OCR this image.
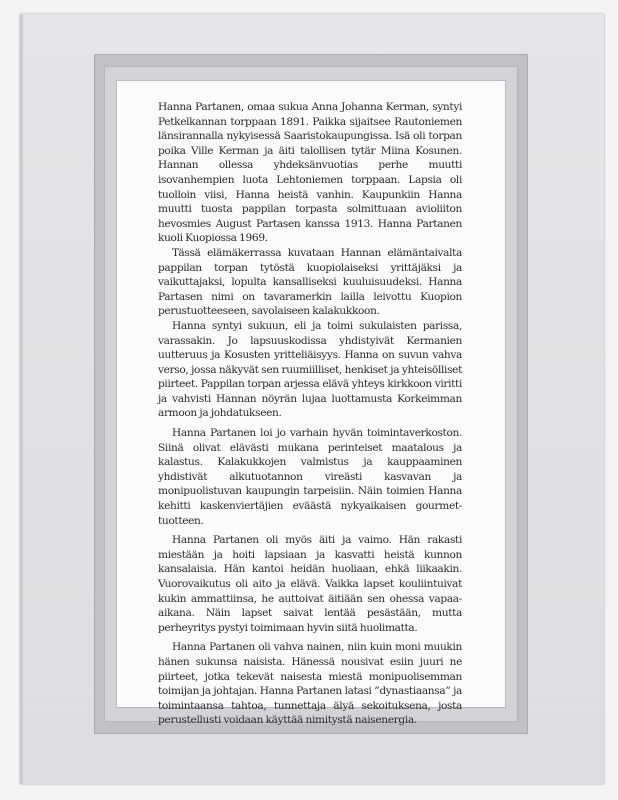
Hanna Partanen, omaa sukua Anna Johanna Kerman, syntyi Petkelkannan torppaan 1891. Paikka sijaitsee Rautoniemen länsirannalla nykyisessä Saaristokaupungissa. Isä oli torpan poika Ville Kerman ja äiti talollisen tytär Miina Kosunen. Hannan ollessa yhdeksänvuotias perhe muutti isovanhempien luota Lehtoniemen torppaan. Lapsia oli tuolloin viisi, Hanna heistä vanhin. Kaupunkiin Hanna muutti tuosta pappilan torpasta solmittuaan avioliiton hevosmies August Partasen kanssa 1913. Hanna Partanen kuoli Kuopiossa 1969.

Tässä elämäkerrassa kuvataan Hannan elämäntaivalta pappilan torpan tytöstä kuopiolaiseksi yrittäjäksi ja vaikuttajaksi, lopulta kansalliseksi kuuluisuudeksi. Hanna Partasen nimi on tavaramerkin lailla leivottu Kuopion perustuotteeseen, savolaiseen kalakukkoon.

Hanna syntyi sukuun, eli ja toimi sukulaisten parissa, varassakin. Jo lapsuuskodissa yhdistyivät Kermanien uutteruus ja Kosusten yritteliäisyys. Hanna on suvun vahva verso, jossa näkyvät sen ruumiilliset, henkiset ja yhteisölliset piirteet. Pappilan torpan arjessa elävä yhteys kirkkoon viritti ja vahvisti Hannan nöyrän lujaa luottamusta Korkeimman armoon ja johdatukseen.

Hanna Partanen loi jo varhain hyvän toimintaverkoston. Siinä olivat elävästi mukana perinteiset maatalous ja kalastus. Kalakukkojen valmistus ja kauppaaminen yhdistivät alkutuotannon vireästi kasvavan ja monipuolistuvan kaupungin tarpeisiin. Näin toimien Hanna kehitti kaskenviertäjien eväästä nykyaikaisen gourmet-tuotteen.

Hanna Partanen oli myös äiti ja vaimo. Hän rakasti miestään ja hoiti lapsiaan ja kasvatti heistä kunnon kansalaisia. Hän kantoi heidän huoliaan, ehkä liikaakin. Vuorovaikutus oli aito ja elävä. Vaikka lapset kouliintuivat kukin ammattiinsa, he auttoivat äitiään sen ohessa vapaa-aikana. Näin lapset saivat lentää pesästään, mutta perheyritys pystyi toimimaan hyvin siitä huolimatta.

Hanna Partanen oli vahva nainen, niin kuin moni muukin hänen sukunsa naisista. Hänessä nousivat esiin juuri ne piirteet, jotka tekevät naisesta miestä monipuolisemman toimijan ja johtajan. Hanna Partanen latasi ”dynastiaansa” ja toimintaansa tahtoa, tunnettaja älyä sekoituksena, josta perustellusti voidaan käyttää nimitystä naisenergia.
